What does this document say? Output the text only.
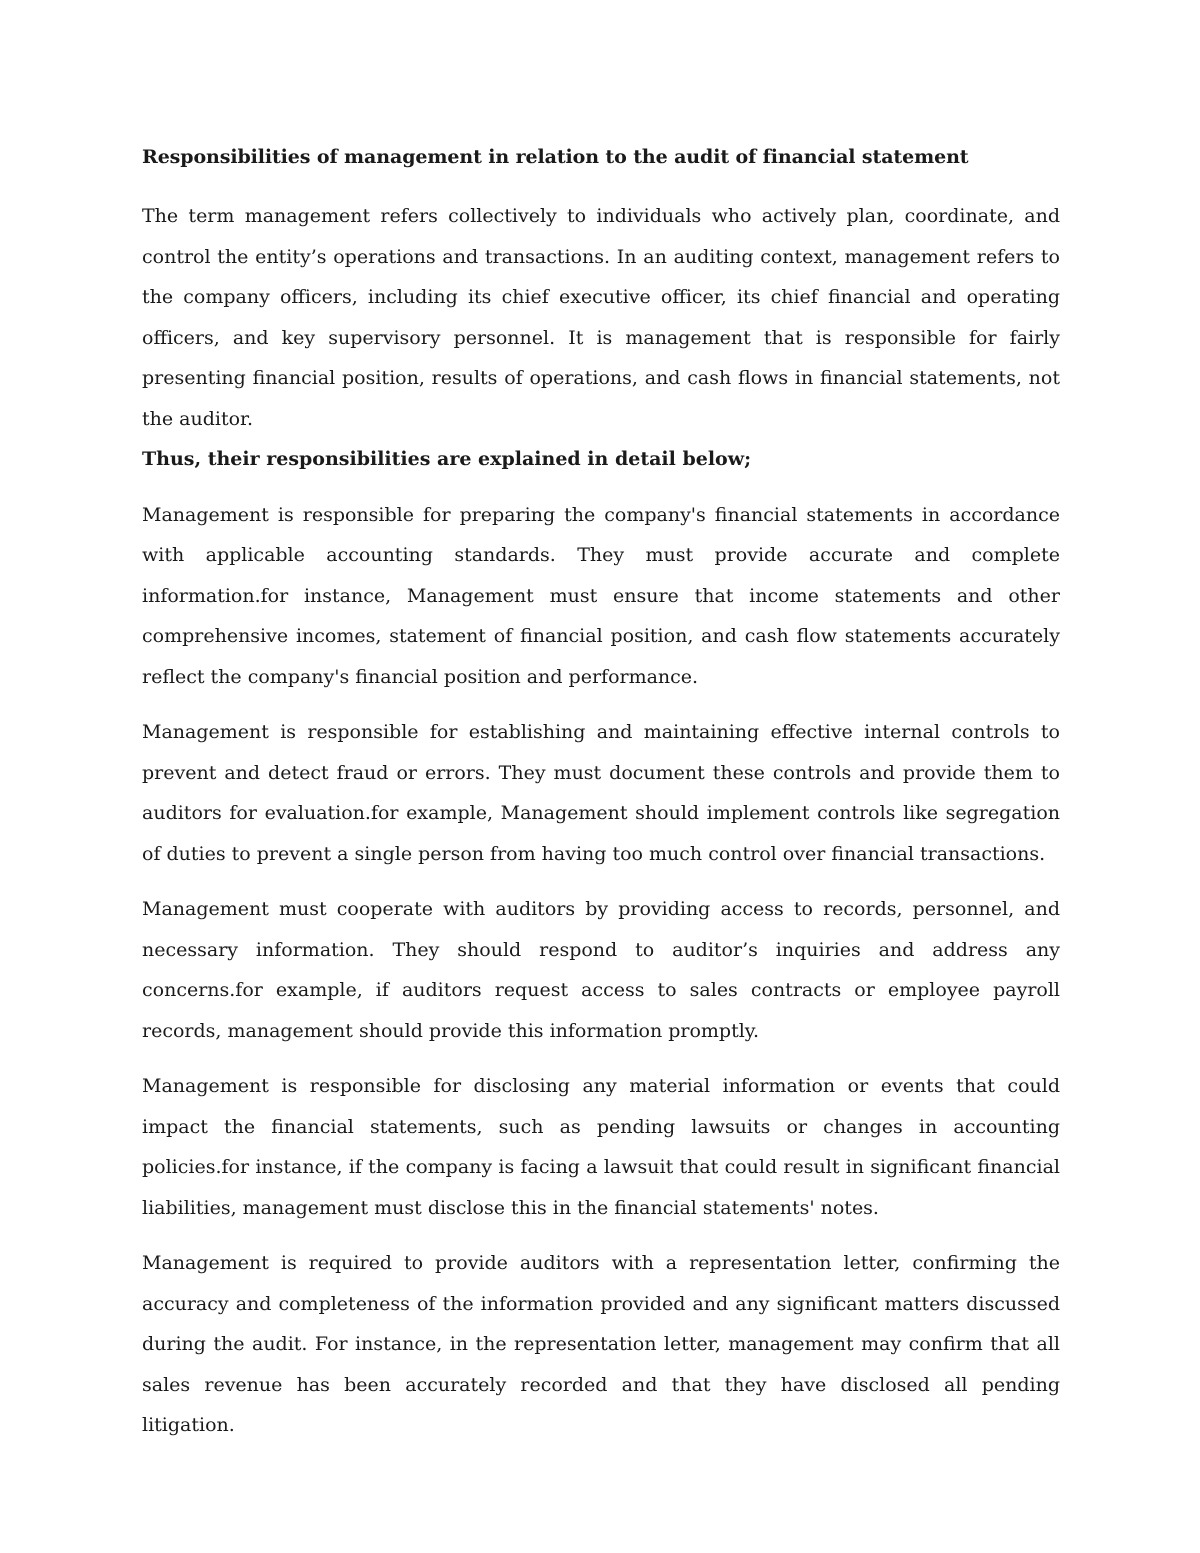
Responsibilities of management in relation to the audit of financial statement

The term management refers collectively to individuals who actively plan, coordinate, and control the entity’s operations and transactions. In an auditing context, management refers to the company officers, including its chief executive officer, its chief financial and operating officers, and key supervisory personnel. It is management that is responsible for fairly presenting financial position, results of operations, and cash flows in financial statements, not the auditor.
Thus, their responsibilities are explained in detail below;

Management is responsible for preparing the company's financial statements in accordance with applicable accounting standards. They must provide accurate and complete information.for instance, Management must ensure that income statements and other comprehensive incomes, statement of financial position, and cash flow statements accurately reflect the company's financial position and performance.

Management is responsible for establishing and maintaining effective internal controls to prevent and detect fraud or errors. They must document these controls and provide them to auditors for evaluation.for example, Management should implement controls like segregation of duties to prevent a single person from having too much control over financial transactions.

Management must cooperate with auditors by providing access to records, personnel, and necessary information. They should respond to auditor’s inquiries and address any concerns.for example, if auditors request access to sales contracts or employee payroll records, management should provide this information promptly.

Management is responsible for disclosing any material information or events that could impact the financial statements, such as pending lawsuits or changes in accounting policies.for instance, if the company is facing a lawsuit that could result in significant financial liabilities, management must disclose this in the financial statements' notes.

Management is required to provide auditors with a representation letter, confirming the accuracy and completeness of the information provided and any significant matters discussed during the audit. For instance, in the representation letter, management may confirm that all sales revenue has been accurately recorded and that they have disclosed all pending litigation.
